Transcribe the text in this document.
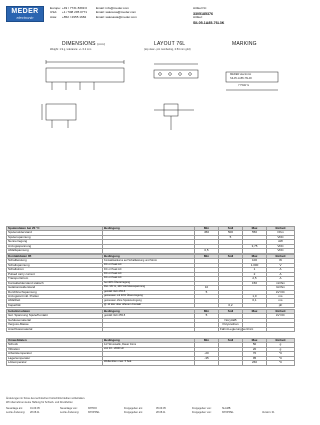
MEDER
electronic
Europe: +49 / 7731 8399 0	Email: info@meder.com
USA:	+1 / 508 295 0771	Email: salesusa@meder.com
Asia:	+852 / 2955 1682	Email: salesasia@meder.com
Artikel Nr.:
3305185376
Artikel:
SIL05-1A85-76L3K
DIMENSIONS (mm)
Weight: 1.9 g, tolerance: +/- 0.2 mm
LAYOUT 76L
(top view - pin numbering, 2.54 mm grid)
MARKING
MEDER electronic
SIL05-1A85-76L3K
YYWW G
Spulendaten bei 20 °C	Bedingung	Min	Soll	Max	Einheit
Spulenwiderstand		450	500	550	Ohm
Spulenspannung			5		VDC
Nennerregung					AW
Anzugsspannung				3,75	VDC
Abfallspannung		0,5			VDC
Kontaktdaten 85	Bedingung	Min	Soll	Max	Einheit
Schaltleistung	Kontaktlastkurve auf Schaltleistung und Strom			100	W
Schaltspannung	DC or Peak AC			1.000	V
Schaltstrom	DC or Peak AC			1	A
Pulsed carry current	DC or Peak AC			2	A
Transportstrom	DC or Peak AC			2,5	A
Kontaktwiderstand statisch	bei 40% Übererregung			150	mOhm
Isolationswiderstand	RH <45 %, 100 Volt Messspannung	10			GOhm
Durchbruchspannung	gemäß: IEC 255-5	5			kV DC
Anzugszeit inkl. Prellen	gemessen mit 40% Übererregung			1,0	ms
Abfallzeit	gemessen ohne Spulenerregung			0,1	ms
Kapazität	@ 10 kHz über offenem Kontakt		0,2		pF
Isolationsdaten	Bedingung	Min	Soll	Max	Einheit
Isol. Spannung Spule/Kontakt	gemäß: IEC 255-5	5			kV DC
Gehäusematerial			Noryl-EB		
Verguss-Masse			Polyurethan		
Anschlussmaterial			Fahnl-Legierung verzinnt		
Umweltdaten	Bedingung	Min	Soll	Max	Einheit
Schock	1/2 Sinuswelle, Dauer 11ms			50	g
Vibration	von 10 - 2000 Hz			20	g
Arbeitstemperatur		-20		70	°C
Lagertemperatur		-35		95	°C
Löttemperatur	Wellenlöten max. 5 Sek.			260	°C
Änderungen im Sinne des technischen Fortschritts bleiben vorbehalten.
Wir übernehmen keine Haftung für Schreib- und Druckfehler.
Neuanlage am:	01.09.05	Neuanlage von:	KPHRO	Freigegeben am:	05.09.05	Freigegeben von:	SLAMB
Letzte Änderung:	28.08.11	Letzte Änderung:	KPOPPEL	Freigegeben am:	28.08.11	Freigegeben von:	KPOPPEL	Version: 01
